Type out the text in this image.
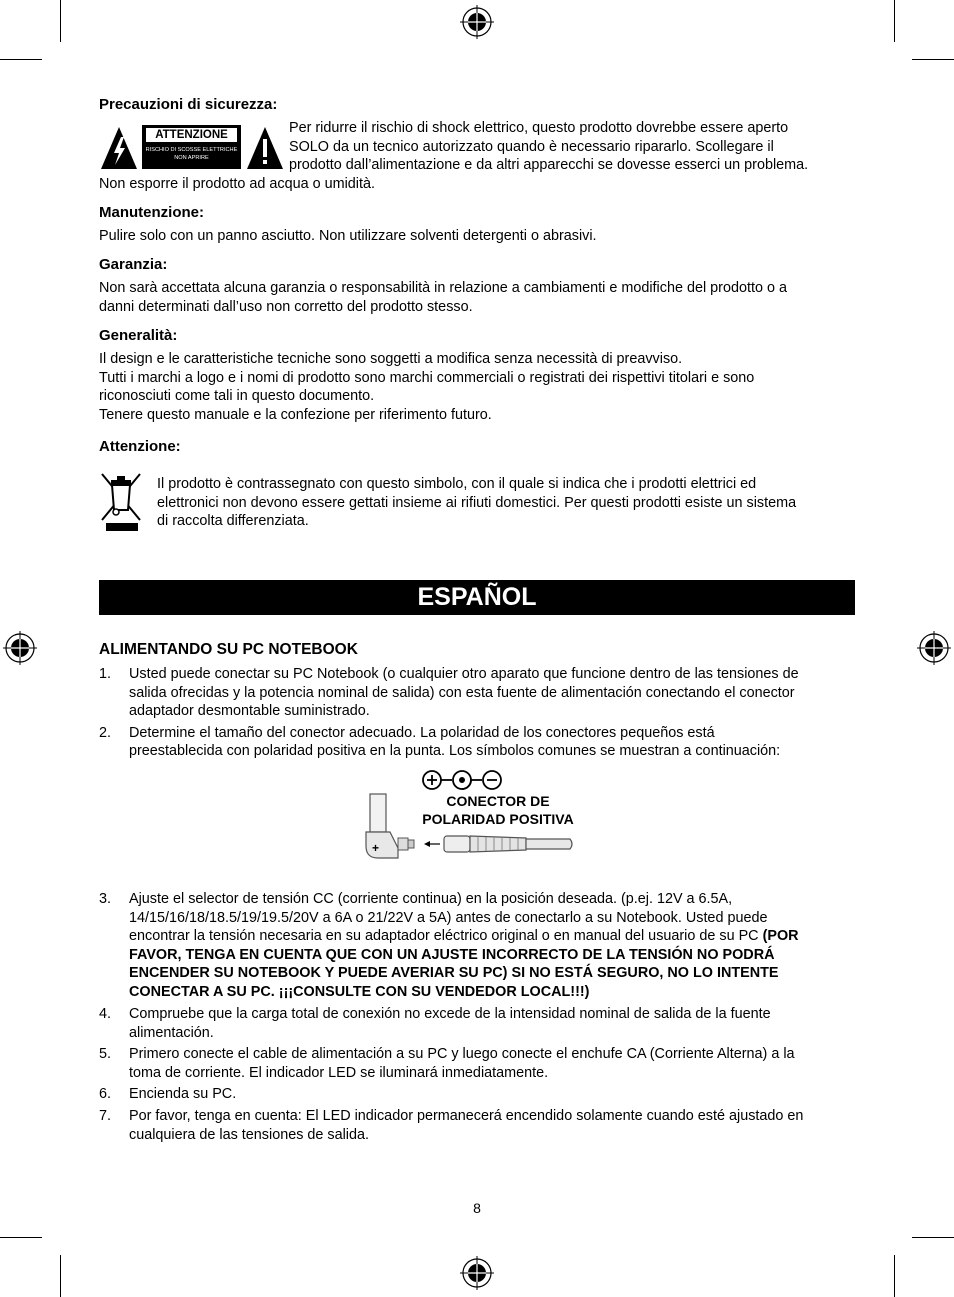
Precauzioni di sicurezza:
ATTENZIONE
RISCHIO DI SCOSSE ELETTRICHE
NON APRIRE
Per ridurre il rischio di shock elettrico, questo prodotto dovrebbe essere aperto
SOLO da un tecnico autorizzato quando è necessario ripararlo. Scollegare il
prodotto dall’alimentazione e da altri apparecchi se dovesse esserci un problema.
Non esporre il prodotto ad acqua o umidità.
Manutenzione:
Pulire solo con un panno asciutto. Non utilizzare solventi detergenti o abrasivi.
Garanzia:
Non sarà accettata alcuna garanzia o responsabilità in relazione a cambiamenti e modifiche del prodotto o a
danni determinati dall’uso non corretto del prodotto stesso.
Generalità:
Il design e le caratteristiche tecniche sono soggetti a modifica senza necessità di preavviso.
Tutti i marchi a logo e i nomi di prodotto sono marchi commerciali o registrati dei rispettivi titolari e sono
riconosciuti come tali in questo documento.
Tenere questo manuale e la confezione per riferimento futuro.
Attenzione:
Il prodotto è contrassegnato con questo simbolo, con il quale si indica che i prodotti elettrici ed
elettronici non devono essere gettati insieme ai rifiuti domestici. Per questi prodotti esiste un sistema
di raccolta differenziata.
ESPAÑOL
ALIMENTANDO SU PC NOTEBOOK
1. Usted puede conectar su PC Notebook (o cualquier otro aparato que funcione dentro de las tensiones de
salida ofrecidas y la potencia nominal de salida) con esta fuente de alimentación conectando el conector
adaptador desmontable suministrado.
2. Determine el tamaño del conector adecuado. La polaridad de los conectores pequeños está
preestablecida con polaridad positiva en la punta. Los símbolos comunes se muestran a continuación:
CONECTOR DE
POLARIDAD POSITIVA
+
3. Ajuste el selector de tensión CC (corriente continua) en la posición deseada. (p.ej. 12V a 6.5A,
14/15/16/18/18.5/19/19.5/20V a 6A o 21/22V a 5A) antes de conectarlo a su Notebook. Usted puede
encontrar la tensión necesaria en su adaptador eléctrico original o en manual del usuario de su PC (POR
FAVOR, TENGA EN CUENTA QUE CON UN AJUSTE INCORRECTO DE LA TENSIÓN NO PODRÁ
ENCENDER SU NOTEBOOK Y PUEDE AVERIAR SU PC) SI NO ESTÁ SEGURO, NO LO INTENTE
CONECTAR A SU PC. ¡¡¡CONSULTE CON SU VENDEDOR LOCAL!!!)
4. Compruebe que la carga total de conexión no excede de la intensidad nominal de salida de la fuente
alimentación.
5. Primero conecte el cable de alimentación a su PC y luego conecte el enchufe CA (Corriente Alterna) a la
toma de corriente. El indicador LED se iluminará inmediatamente.
6. Encienda su PC.
7. Por favor, tenga en cuenta: El LED indicador permanecerá encendido solamente cuando esté ajustado en
cualquiera de las tensiones de salida.
8
